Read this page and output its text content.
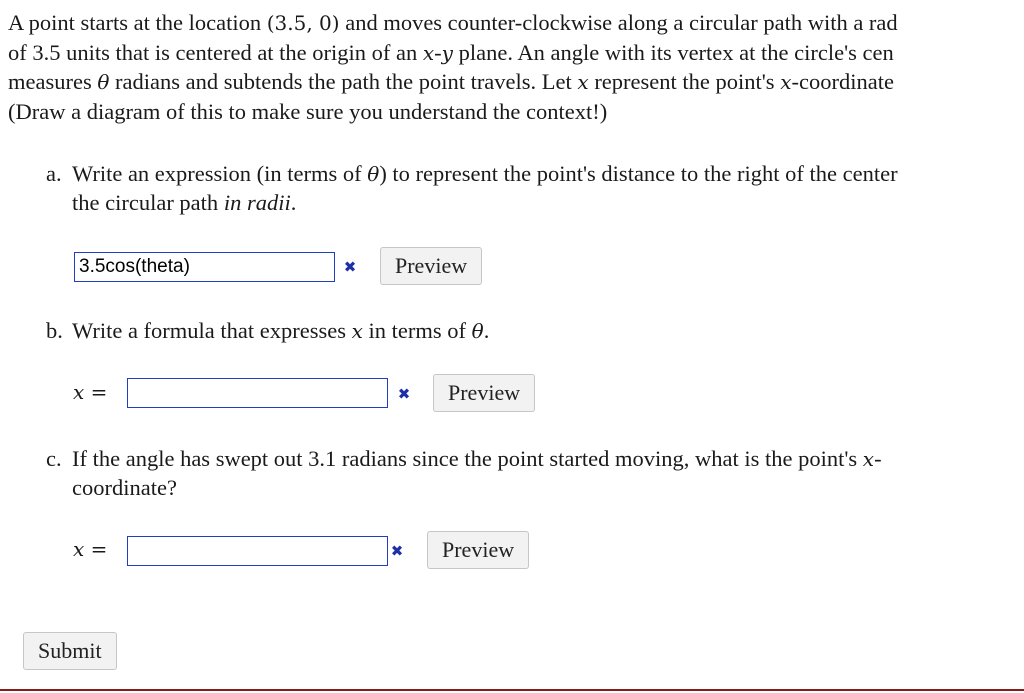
A point starts at the location (3.5, 0) and moves counter-clockwise along a circular path with a rad
of 3.5 units that is centered at the origin of an x-y plane. An angle with its vertex at the circle's cen
measures θ radians and subtends the path the point travels. Let x represent the point's x-coordinate
(Draw a diagram of this to make sure you understand the context!)
a. Write an expression (in terms of θ) to represent the point's distance to the right of the center
the circular path in radii.
3.5cos(theta)
✖	Preview
b. Write a formula that expresses x in terms of θ.
x =	✖	Preview
c. If the angle has swept out 3.1 radians since the point started moving, what is the point's x-
coordinate?
x =	✖	Preview
Submit
